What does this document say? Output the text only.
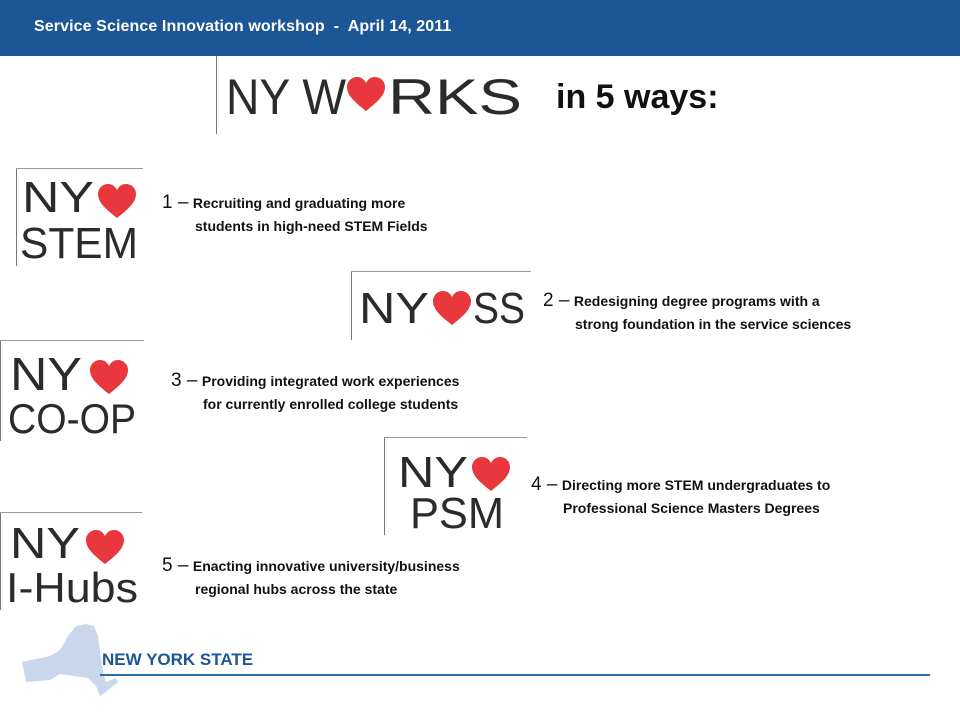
Service Science Innovation workshop  -  April 14, 2011
NY W RKS in 5 ways:
NY
STEM
1 – Recruiting and graduating more
students in high-need STEM Fields
NY SS 2 – Redesigning degree programs with a
strong foundation in the service sciences
NY
CO-OP
3 – Providing integrated work experiences
for currently enrolled college students
NY
PSM
4 – Directing more STEM undergraduates to
Professional Science Masters Degrees
NY
I-Hubs 5 – Enacting innovative university/business
regional hubs across the state
NEW YORK STATE
